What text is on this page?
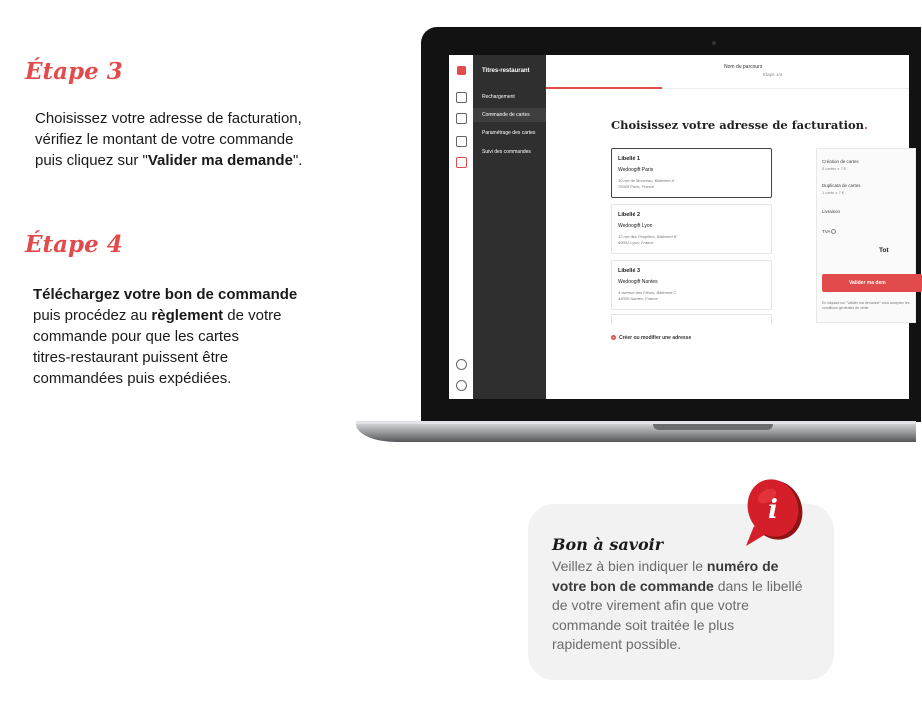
Étape 3
Choisissez votre adresse de facturation,
vérifiez le montant de votre commande
puis cliquez sur "Valider ma demande".
Étape 4
Téléchargez votre bon de commande
puis procédez au règlement de votre
commande pour que les cartes
titres-restaurant puissent être
commandées puis expédiées.
Titres-restaurant
Rechargement
Commande de cartes
Paramétrage des cartes
Suivi des commandes
Nom du parcours
Étape 1/4
Choisissez votre adresse de facturation.
Libellé 1
Wedoogift Paris
30 rue de Monceau, Bâtiment A
75008 Paris, France
Libellé 2
Wedoogift Lyon
12 rue des Peupliers, Bâtiment B
69002 Lyon, France
Libellé 3
Wedoogift Nantes
4 avenue des Fleurs, Bâtiment C
44000 Nantes, France
+ Créer ou modifier une adresse
Création de cartes
5 cartes x 7 €
Duplicata de cartes
1 carte x 7 €
Livraison
TVA
Tot
Valider ma dem
En cliquant sur "Valider ma demande" vous acceptez les conditions générales de vente
i
Bon à savoir
Veillez à bien indiquer le numéro de
votre bon de commande dans le libellé
de votre virement afin que votre
commande soit traitée le plus
rapidement possible.
